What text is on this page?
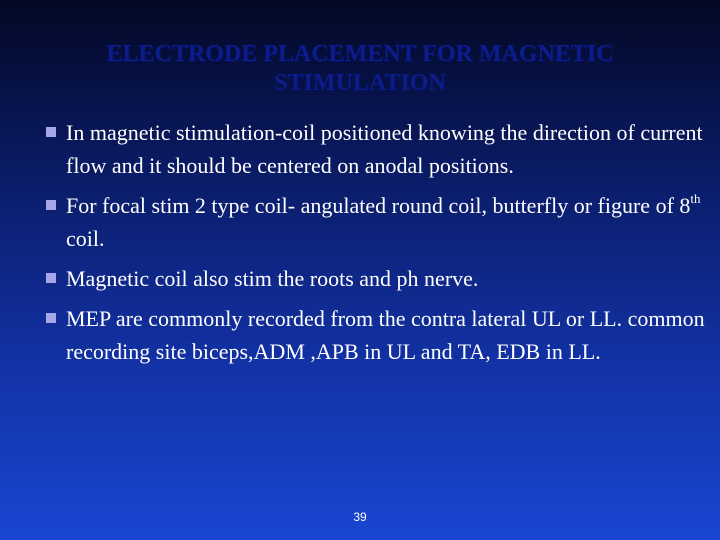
ELECTRODE PLACEMENT FOR MAGNETIC
STIMULATION
In magnetic stimulation-coil positioned knowing the direction of current flow and it should be centered on anodal positions.
For focal stim 2 type coil- angulated round coil, butterfly or figure of 8th coil.
Magnetic coil also stim the roots and ph nerve.
MEP are commonly recorded from the contra lateral UL or LL. common recording site biceps,ADM ,APB in UL and TA, EDB in LL.
39
